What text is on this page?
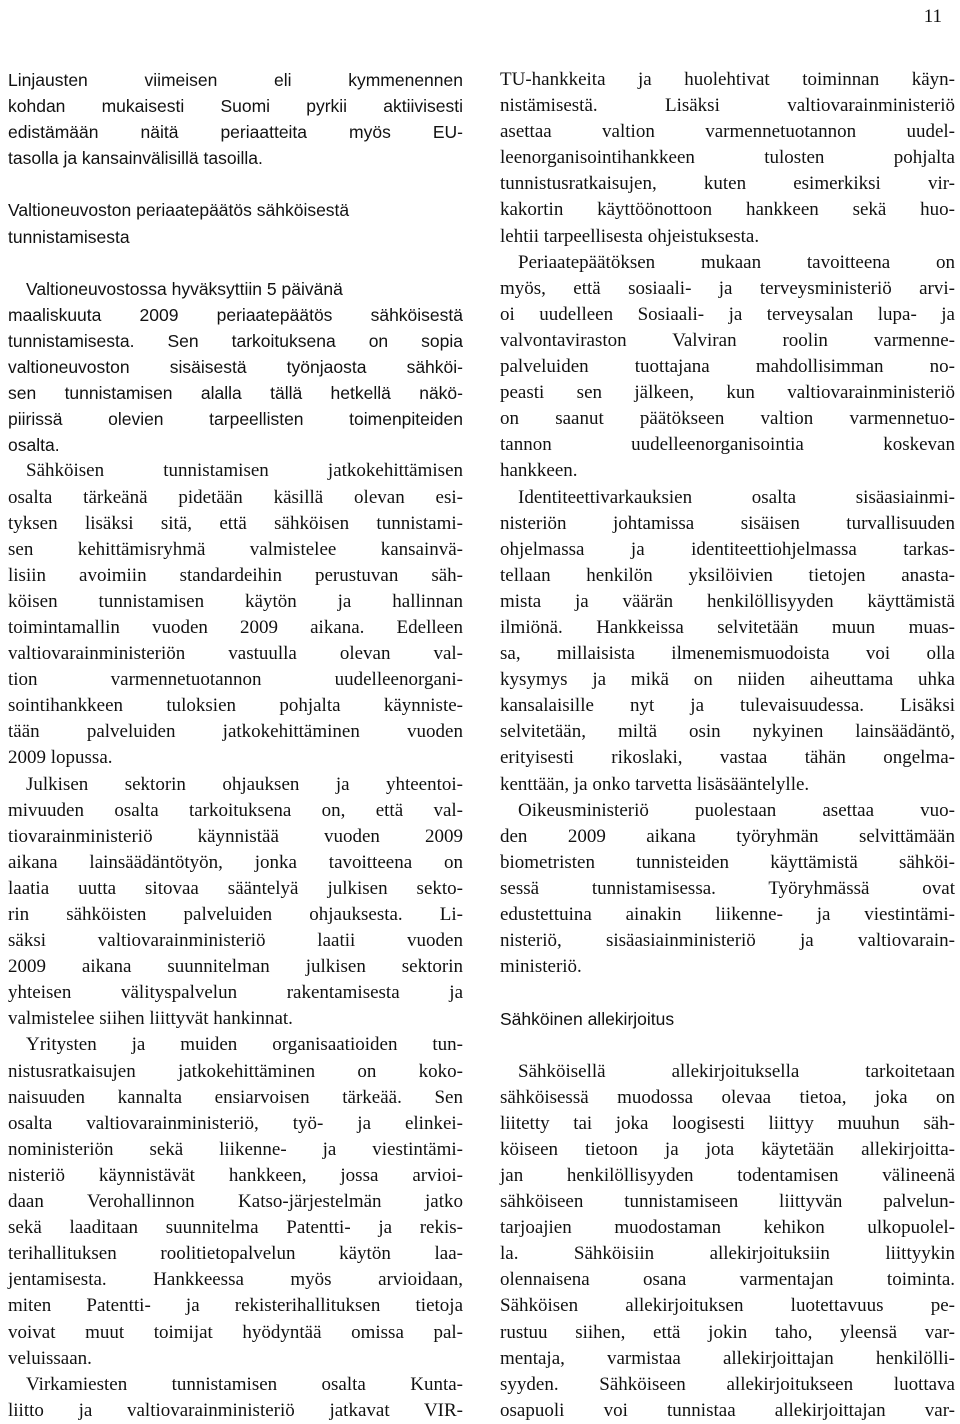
11
Linjausten viimeisen eli kymmenennen
kohdan mukaisesti Suomi pyrkii aktiivisesti
edistämään näitä periaatteita myös EU-
tasolla ja kansainvälisillä tasoilla.
Valtioneuvoston periaatepäätös sähköisestä
tunnistamisesta
Valtioneuvostossa hyväksyttiin 5 päivänä
maaliskuuta 2009 periaatepäätös sähköisestä
tunnistamisesta. Sen tarkoituksena on sopia
valtioneuvoston sisäisestä työnjaosta sähköi-
sen tunnistamisen alalla tällä hetkellä näkö-
piirissä olevien tarpeellisten toimenpiteiden
osalta.
Sähköisen tunnistamisen jatkokehittämisen
osalta tärkeänä pidetään käsillä olevan esi-
tyksen lisäksi sitä, että sähköisen tunnistami-
sen kehittämisryhmä valmistelee kansainvä-
lisiin avoimiin standardeihin perustuvan säh-
köisen tunnistamisen käytön ja hallinnan
toimintamallin vuoden 2009 aikana. Edelleen
valtiovarainministeriön vastuulla olevan val-
tion varmennetuotannon uudelleenorgani-
sointihankkeen tuloksien pohjalta käynniste-
tään palveluiden jatkokehittäminen vuoden
2009 lopussa.
Julkisen sektorin ohjauksen ja yhteentoi-
mivuuden osalta tarkoituksena on, että val-
tiovarainministeriö käynnistää vuoden 2009
aikana lainsäädäntötyön, jonka tavoitteena on
laatia uutta sitovaa sääntelyä julkisen sekto-
rin sähköisten palveluiden ohjauksesta. Li-
säksi valtiovarainministeriö laatii vuoden
2009 aikana suunnitelman julkisen sektorin
yhteisen välityspalvelun rakentamisesta ja
valmistelee siihen liittyvät hankinnat.
Yritysten ja muiden organisaatioiden tun-
nistusratkaisujen jatkokehittäminen on koko-
naisuuden kannalta ensiarvoisen tärkeää. Sen
osalta valtiovarainministeriö, työ- ja elinkei-
noministeriön sekä liikenne- ja viestintämi-
nisteriö käynnistävät hankkeen, jossa arvioi-
daan Verohallinnon Katso-järjestelmän jatko
sekä laaditaan suunnitelma Patentti- ja rekis-
terihallituksen roolitietopalvelun käytön laa-
jentamisesta. Hankkeessa myös arvioidaan,
miten Patentti- ja rekisterihallituksen tietoja
voivat muut toimijat hyödyntää omissa pal-
veluissaan.
Virkamiesten tunnistamisen osalta Kunta-
liitto ja valtiovarainministeriö jatkavat VIR-
TU-hankkeita ja huolehtivat toiminnan käyn-
nistämisestä. Lisäksi valtiovarainministeriö
asettaa valtion varmennetuotannon uudel-
leenorganisointihankkeen tulosten pohjalta
tunnistusratkaisujen, kuten esimerkiksi vir-
kakortin käyttöönottoon hankkeen sekä huo-
lehtii tarpeellisesta ohjeistuksesta.
Periaatepäätöksen mukaan tavoitteena on
myös, että sosiaali- ja terveysministeriö arvi-
oi uudelleen Sosiaali- ja terveysalan lupa- ja
valvontaviraston Valviran roolin varmenne-
palveluiden tuottajana mahdollisimman no-
peasti sen jälkeen, kun valtiovarainministeriö
on saanut päätökseen valtion varmennetuo-
tannon uudelleenorganisointia koskevan
hankkeen.
Identiteettivarkauksien osalta sisäasiainmi-
nisteriön johtamissa sisäisen turvallisuuden
ohjelmassa ja identiteettiohjelmassa tarkas-
tellaan henkilön yksilöivien tietojen anasta-
mista ja väärän henkilöllisyyden käyttämistä
ilmiönä. Hankkeissa selvitetään muun muas-
sa, millaisista ilmenemismuodoista voi olla
kysymys ja mikä on niiden aiheuttama uhka
kansalaisille nyt ja tulevaisuudessa. Lisäksi
selvitetään, miltä osin nykyinen lainsäädäntö,
erityisesti rikoslaki, vastaa tähän ongelma-
kenttään, ja onko tarvetta lisäsääntelylle.
Oikeusministeriö puolestaan asettaa vuo-
den 2009 aikana työryhmän selvittämään
biometristen tunnisteiden käyttämistä sähköi-
sessä tunnistamisessa. Työryhmässä ovat
edustettuina ainakin liikenne- ja viestintämi-
nisteriö, sisäasiainministeriö ja valtiovarain-
ministeriö.
Sähköinen allekirjoitus
Sähköisellä allekirjoituksella tarkoitetaan
sähköisessä muodossa olevaa tietoa, joka on
liitetty tai joka loogisesti liittyy muuhun säh-
köiseen tietoon ja jota käytetään allekirjoitta-
jan henkilöllisyyden todentamisen välineenä
sähköiseen tunnistamiseen liittyvän palvelun-
tarjoajien muodostaman kehikon ulkopuolel-
la. Sähköisiin allekirjoituksiin liittyykin
olennaisena osana varmentajan toiminta.
Sähköisen allekirjoituksen luotettavuus pe-
rustuu siihen, että jokin taho, yleensä var-
mentaja, varmistaa allekirjoittajan henkilölli-
syyden. Sähköiseen allekirjoitukseen luottava
osapuoli voi tunnistaa allekirjoittajan var-
